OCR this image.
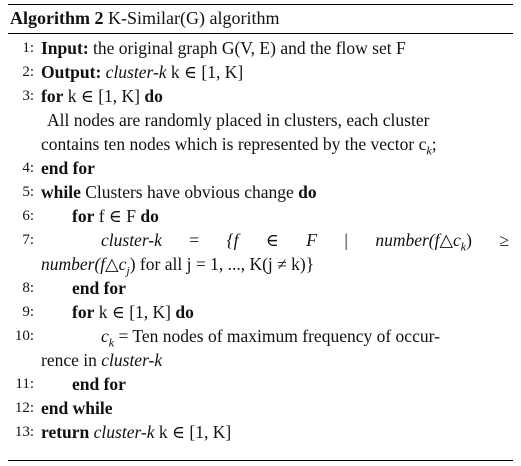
Algorithm 2 K-Similar(G) algorithm
1: Input: the original graph G(V, E) and the flow set F
2: Output: cluster-k k ∈ [1, K]
3: for k ∈ [1, K] do
All nodes are randomly placed in clusters, each cluster
contains ten nodes which is represented by the vector $c_k$;
4: end for
5: while Clusters have obvious change do
6: for f ∈ F do
7:	cluster-k = {f ∈ F | $number(f\triangle c_k)$ ≥
$number(f\triangle c_j)$ for all j = 1, ..., K(j ≠ k)}
8: end for
9: for k ∈ [1, K] do
10:	$c_k$ = Ten nodes of maximum frequency of occur-
rence in cluster-k
11: end for
12: end while
13: return cluster-k k ∈ [1, K]
